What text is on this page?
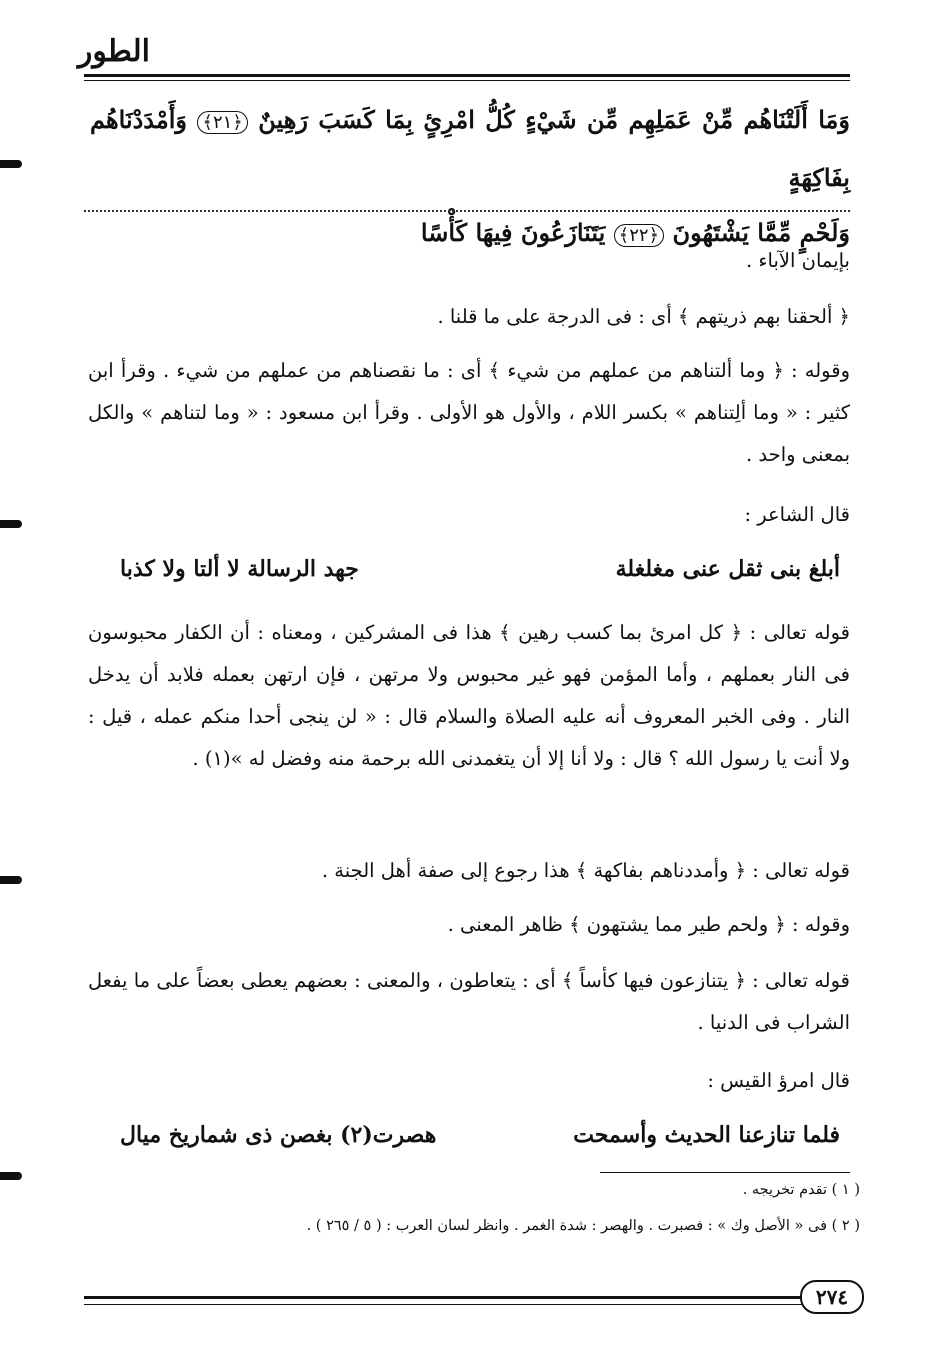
الطور
وَمَا أَلَتْنَاهُم مِّنْ عَمَلِهِم مِّن شَيْءٍ كُلُّ امْرِئٍ بِمَا كَسَبَ رَهِينٌ ﴿٢١﴾ وَأَمْدَدْنَاهُم بِفَاكِهَةٍ
وَلَحْمٍ مِّمَّا يَشْتَهُونَ ﴿٢٢﴾ يَتَنَازَعُونَ فِيهَا كَأْسًا
بإيمان الآباء .
﴿ ألحقنا بهم ذريتهم ﴾ أى : فى الدرجة على ما قلنا .
وقوله : ﴿ وما ألتناهم من عملهم من شيء ﴾ أى : ما نقصناهم من عملهم من شيء . وقرأ ابن كثير : « وما ألِتناهم » بكسر اللام ، والأول هو الأولى . وقرأ ابن مسعود : « وما لتناهم » والكل بمعنى واحد .
قال الشاعر :
أبلغ بنى ثقل عنى مغلغلة
جهد الرسالة لا ألتا ولا كذبا
قوله تعالى : ﴿ كل امرئ بما كسب رهين ﴾ هذا فى المشركين ، ومعناه : أن الكفار محبوسون فى النار بعملهم ، وأما المؤمن فهو غير محبوس ولا مرتهن ، فإن ارتهن بعمله فلابد أن يدخل النار . وفى الخبر المعروف أنه عليه الصلاة والسلام قال : « لن ينجى أحدا منكم عمله ، قيل : ولا أنت يا رسول الله ؟ قال : ولا أنا إلا أن يتغمدنى الله برحمة منه وفضل له »(١) .
قوله تعالى : ﴿ وأمددناهم بفاكهة ﴾ هذا رجوع إلى صفة أهل الجنة .
وقوله : ﴿ ولحم طير مما يشتهون ﴾ ظاهر المعنى .
قوله تعالى : ﴿ يتنازعون فيها كأساً ﴾ أى : يتعاطون ، والمعنى : بعضهم يعطى بعضاً على ما يفعل الشراب فى الدنيا .
قال امرؤ القيس :
فلما تنازعنا الحديث وأسمحت
هصرت(٢) بغصن ذى شماريخ ميال
( ١ ) تقدم تخريجه .
( ٢ ) فى « الأصل وك » : فصبرت . والهصر : شدة الغمر . وانظر لسان العرب : ( ٥ / ٢٦٥ ) .
٢٧٤
